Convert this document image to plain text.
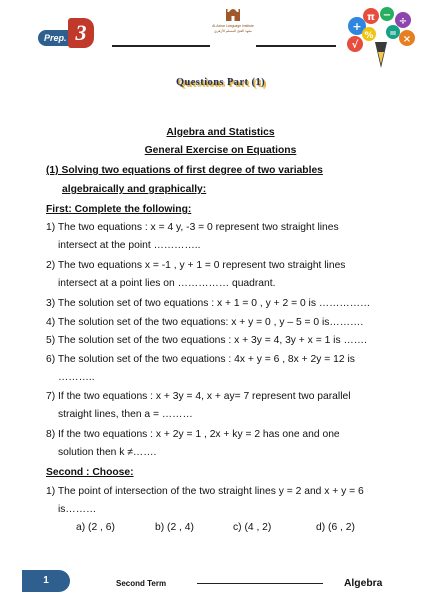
Prep. 3	Al-Azhar Language Institute
معهد الفتح المسلم الأزهري	+
π −
÷
×
√
% =
Questions Part (1)
Algebra and Statistics
General Exercise on Equations
(1) Solving two equations of first degree of two variables
algebraically and graphically:
First: Complete the following:
1) The two equations : x = 4 y, -3 = 0 represent two straight lines
intersect at the point …………..
2) The two equations x = -1 , y + 1 = 0 represent two straight lines
intersect at a point lies on …………… quadrant.
3) The solution set of two equations : x + 1 = 0 , y + 2 = 0 is ……………
4) The solution set of the two equations: x + y = 0 , y – 5 = 0 is……….
5) The solution set of the two equations : x + 3y = 4, 3y + x = 1 is …….
6) The solution set of the two equations : 4x + y = 6 , 8x + 2y = 12 is
………..
7) If the two equations : x + 3y = 4, x + ay= 7 represent two parallel
straight lines, then a = ………
8) If the two equations : x + 2y = 1 , 2x + ky = 2 has one and one
solution then k ≠…….
Second : Choose:
1) The point of intersection of the two straight lines y = 2 and x + y = 6
is………
a) (2 , 6)	b) (2 , 4)	c) (4 , 2)	d) (6 , 2)
1	Second Term	Algebra
